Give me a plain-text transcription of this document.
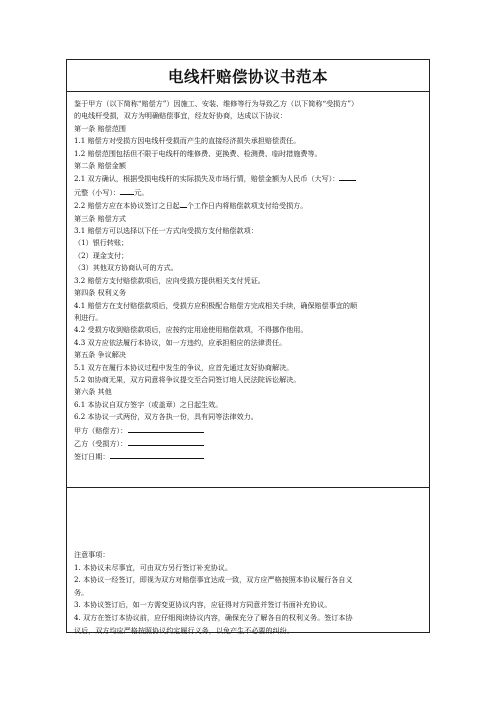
电线杆赔偿协议书范本
鉴于甲方（以下简称“赔偿方”）因施工、安装、维修等行为导致乙方（以下简称“受损方”）
的电线杆受损，双方为明确赔偿事宜，经友好协商，达成以下协议：
第一条 赔偿范围
1.1 赔偿方对受损方因电线杆受损而产生的直接经济损失承担赔偿责任。
1.2 赔偿范围包括但不限于电线杆的维修费、更换费、检测费、临时措施费等。
第二条 赔偿金额
2.1 双方确认，根据受损电线杆的实际损失及市场行情，赔偿金额为人民币（大写）：
元整（小写）： 元。
2.2 赔偿方应在本协议签订之日起 个工作日内将赔偿款项支付给受损方。
第三条 赔偿方式
3.1 赔偿方可以选择以下任一方式向受损方支付赔偿款项：
（1）银行转账；
（2）现金支付；
（3）其他双方协商认可的方式。
3.2 赔偿方支付赔偿款项后，应向受损方提供相关支付凭证。
第四条 权利义务
4.1 赔偿方在支付赔偿款项后，受损方应积极配合赔偿方完成相关手续，确保赔偿事宜的顺
利进行。
4.2 受损方收到赔偿款项后，应按约定用途使用赔偿款项，不得挪作他用。
4.3 双方应依法履行本协议，如一方违约，应承担相应的法律责任。
第五条 争议解决
5.1 双方在履行本协议过程中发生的争议，应首先通过友好协商解决。
5.2 如协商无果，双方同意将争议提交至合同签订地人民法院诉讼解决。
第六条 其他
6.1 本协议自双方签字（或盖章）之日起生效。
6.2 本协议一式两份，双方各执一份，具有同等法律效力。
甲方（赔偿方）：
乙方（受损方）：
签订日期：
注意事项：
1. 本协议未尽事宜，可由双方另行签订补充协议。
2. 本协议一经签订，即视为双方对赔偿事宜达成一致，双方应严格按照本协议履行各自义
务。
3. 本协议签订后，如一方需变更协议内容，应征得对方同意并签订书面补充协议。
4. 双方在签订本协议前，应仔细阅读协议内容，确保充分了解各自的权利义务。签订本协
议后，双方均应严格按照协议约定履行义务，以免产生不必要的纠纷。
